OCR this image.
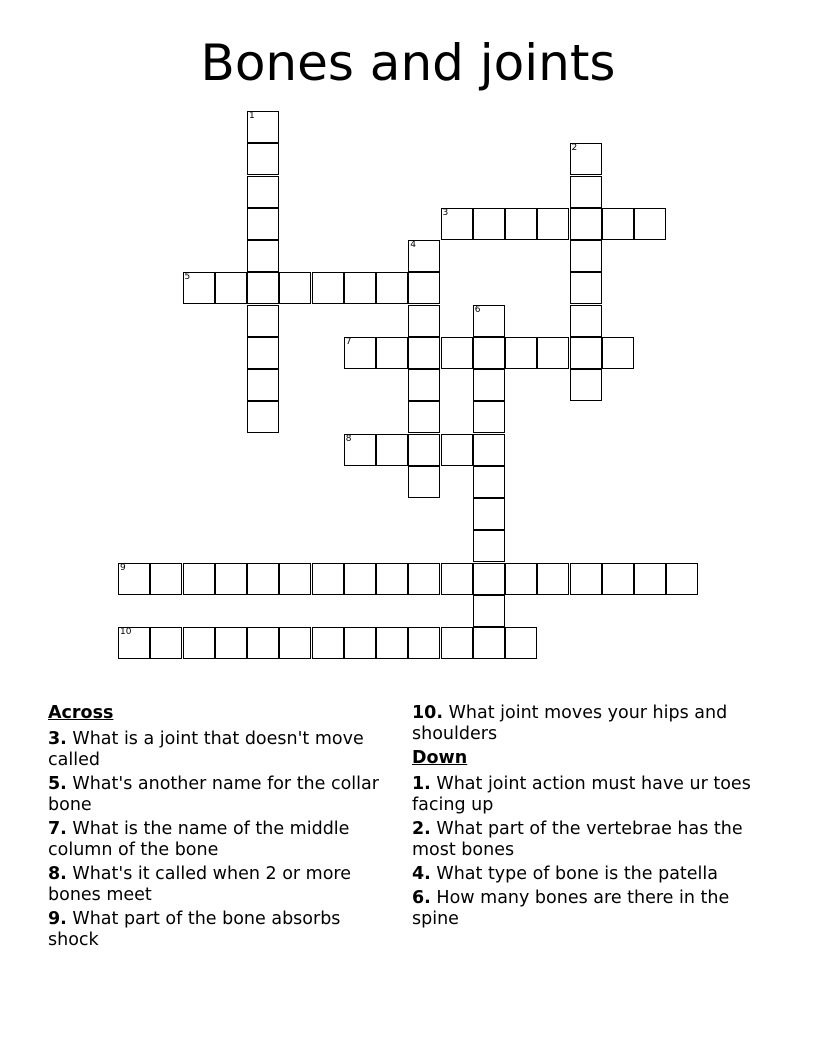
Bones and joints
1
2
3
4
5
6
7
8
9
10
Across
3. What is a joint that doesn't move called
5. What's another name for the collar bone
7. What is the name of the middle column of the bone
8. What's it called when 2 or more bones meet
9. What part of the bone absorbs shock
10. What joint moves your hips and shoulders
Down
1. What joint action must have ur toes facing up
2. What part of the vertebrae has the most bones
4. What type of bone is the patella
6. How many bones are there in the spine
